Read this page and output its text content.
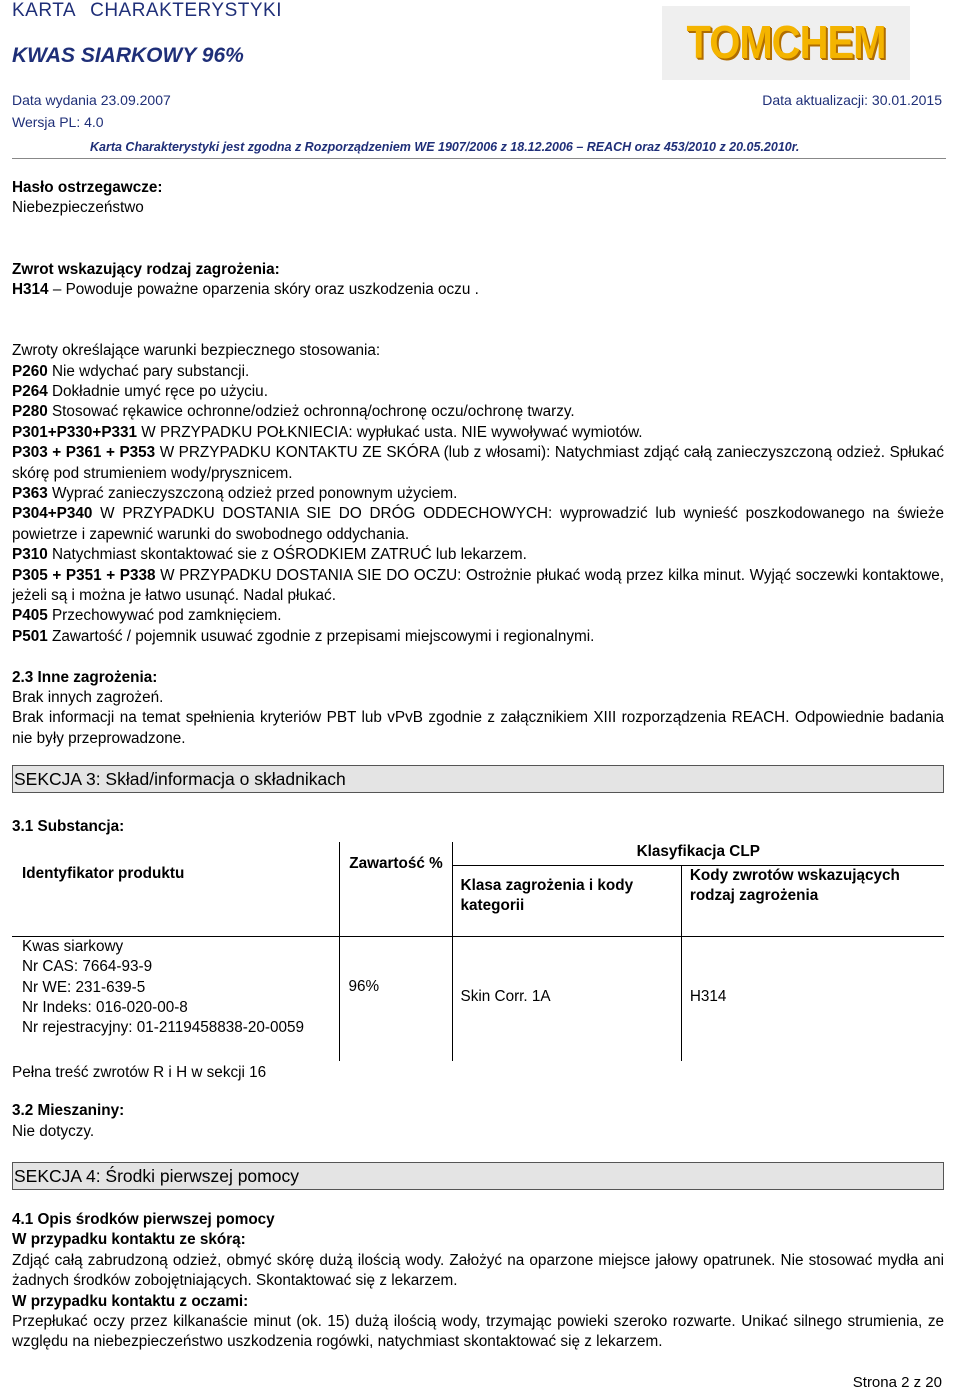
KARTA CHARAKTERYSTYKI
KWAS SIARKOWY 96%
Data wydania 23.09.2007	Data aktualizacji: 30.01.2015
Wersja PL: 4.0
Karta Charakterystyki jest zgodna z Rozporządzeniem WE 1907/2006 z 18.12.2006 – REACH oraz 453/2010 z 20.05.2010r.
TOMCHEM

Hasło ostrzegawcze:

Niebezpieczeństwo

Zwrot wskazujący rodzaj zagrożenia:

H314 – Powoduje poważne oparzenia skóry oraz uszkodzenia oczu .

Zwroty określające warunki bezpiecznego stosowania:

P260 Nie wdychać pary substancji.

P264 Dokładnie umyć ręce po użyciu.

P280 Stosować rękawice ochronne/odzież ochronną/ochronę oczu/ochronę twarzy.

P301+P330+P331 W PRZYPADKU POŁKNIECIA: wypłukać usta. NIE wywoływać wymiotów.

P303 + P361 + P353 W PRZYPADKU KONTAKTU ZE SKÓRA (lub z włosami): Natychmiast zdjąć całą zanieczyszczoną odzież. Spłukać skórę pod strumieniem wody/prysznicem.

P363 Wyprać zanieczyszczoną odzież przed ponownym użyciem.

P304+P340 W PRZYPADKU DOSTANIA SIE DO DRÓG ODDECHOWYCH: wyprowadzić lub wynieść poszkodowanego na świeże powietrze i zapewnić warunki do swobodnego oddychania.

P310 Natychmiast skontaktować sie z OŚRODKIEM ZATRUĆ lub lekarzem.

P305 + P351 + P338 W PRZYPADKU DOSTANIA SIE DO OCZU: Ostrożnie płukać wodą przez kilka minut. Wyjąć soczewki kontaktowe, jeżeli są i można je łatwo usunąć. Nadal płukać.

P405 Przechowywać pod zamknięciem.

P501 Zawartość / pojemnik usuwać zgodnie z przepisami miejscowymi i regionalnymi.

2.3 Inne zagrożenia:

Brak innych zagrożeń.

Brak informacji na temat spełnienia kryteriów PBT lub vPvB zgodnie z załącznikiem XIII rozporządzenia REACH. Odpowiednie badania nie były przeprowadzone.

SEKCJA 3: Skład/informacja o składnikach

3.1 Substancja:

Identyfikator produktu	Zawartość %	Klasyfikacja CLP	
		Klasa zagrożenia i kody kategorii	Kody zwrotów wskazujących rodzaj zagrożenia

Kwas siarkowy
Nr CAS: 7664-93-9
Nr WE: 231-639-5
Nr Indeks: 016-020-00-8
Nr rejestracyjny: 01-2119458838-20-0059	96%	Skin Corr. 1A	H314
Pełna treść zwrotów R i H w sekcji 16			

3.2 Mieszaniny:

Nie dotyczy.

SEKCJA 4: Środki pierwszej pomocy

4.1 Opis środków pierwszej pomocy

W przypadku kontaktu ze skórą:

Zdjąć całą zabrudzoną odzież, obmyć skórę dużą ilością wody. Założyć na oparzone miejsce jałowy opatrunek. Nie stosować mydła ani żadnych środków zobojętniających. Skontaktować się z lekarzem.

W przypadku kontaktu z oczami:

Przepłukać oczy przez kilkanaście minut (ok. 15) dużą ilością wody, trzymając powieki szeroko rozwarte. Unikać silnego strumienia, ze względu na niebezpieczeństwo uszkodzenia rogówki, natychmiast skontaktować się z lekarzem.

Strona 2 z 20
